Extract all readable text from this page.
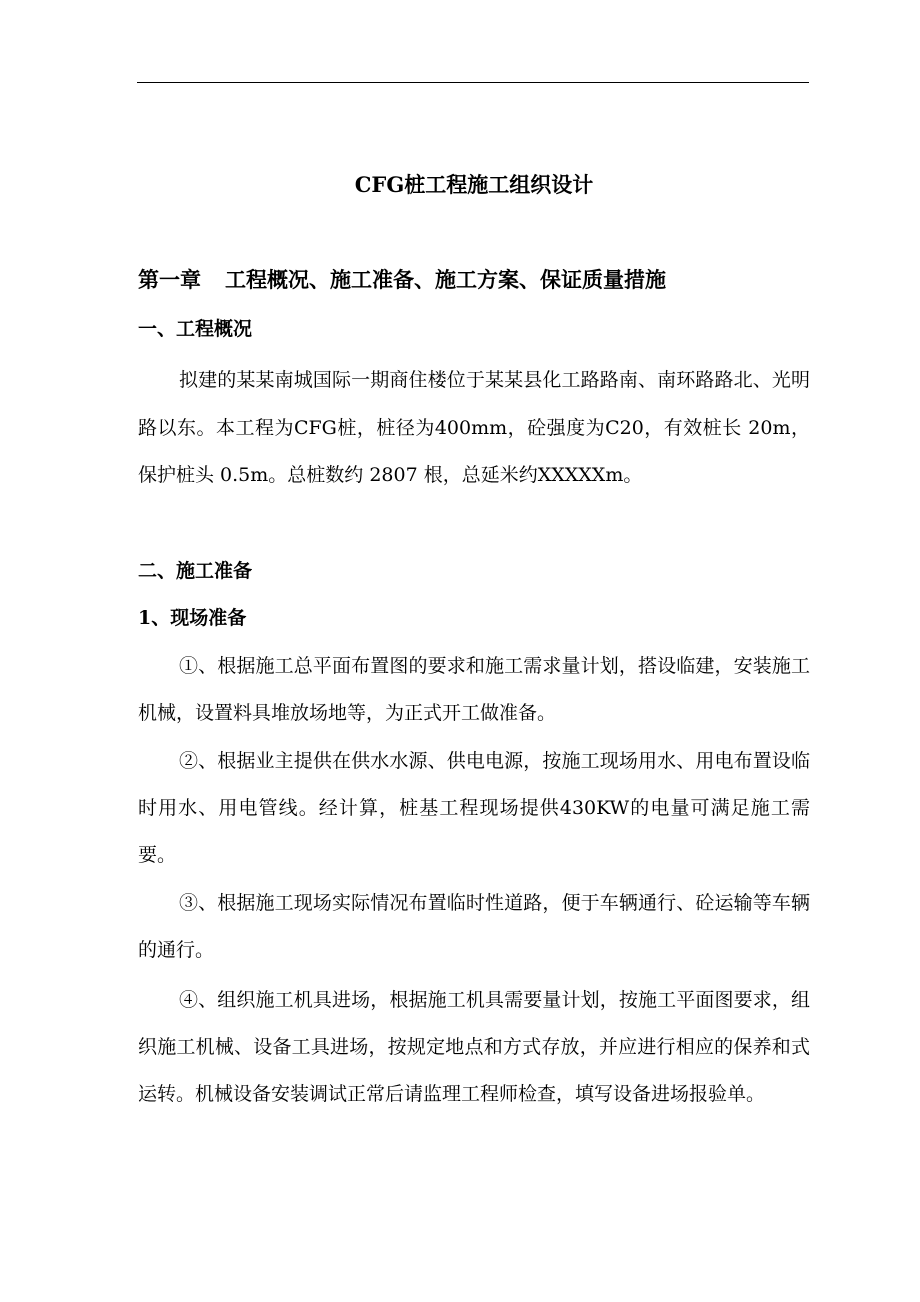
CFG桩工程施工组织设计
第一章 工程概况、施工准备、施工方案、保证质量措施
一、工程概况
拟建的某某南城国际一期商住楼位于某某县化工路路南、南环路路北、光明路以东。本工程为CFG桩，桩径为400mm，砼强度为C20，有效桩长 20m，保护桩头 0.5m。总桩数约 2807 根，总延米约XXXXXm。
二、施工准备
1、现场准备
①、根据施工总平面布置图的要求和施工需求量计划，搭设临建，安装施工机械，设置料具堆放场地等，为正式开工做准备。
②、根据业主提供在供水水源、供电电源，按施工现场用水、用电布置设临时用水、用电管线。经计算，桩基工程现场提供430KW的电量可满足施工需要。
③、根据施工现场实际情况布置临时性道路，便于车辆通行、砼运输等车辆的通行。
④、组织施工机具进场，根据施工机具需要量计划，按施工平面图要求，组织施工机械、设备工具进场，按规定地点和方式存放，并应进行相应的保养和式运转。机械设备安装调试正常后请监理工程师检查，填写设备进场报验单。
